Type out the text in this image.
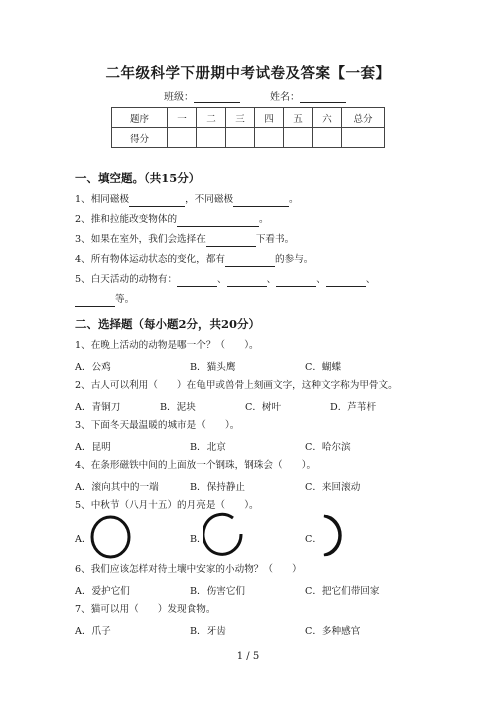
二年级科学下册期中考试卷及答案【一套】
班级：	姓名：
题序	一	二	三	四	五	六	总分
得分							
一、填空题。（共15分）
1、相同磁极	，不同磁极	。
2、推和拉能改变物体的	。
3、如果在室外，我们会选择在	下看书。
4、所有物体运动状态的变化，都有	的参与。
5、白天活动的动物有：	、	、	、	、
等。
二、选择题（每小题2分，共20分）
1、在晚上活动的动物是哪一个？（　　）。
A．公鸡	B．猫头鹰	C．蝴蝶
2、古人可以利用（　　）在龟甲或兽骨上刻画文字，这种文字称为甲骨文。
A．青铜刀	B．泥块	C．树叶	D．芦苇杆
3、下面冬天最温暖的城市是（　　）。
A．昆明	B．北京	C．哈尔滨
4、在条形磁铁中间的上面放一个钢珠，钢珠会（　　）。
A．滚向其中的一端	B．保持静止	C．来回滚动
5、中秋节（八月十五）的月亮是（　　）。
A．	B．	C．
6、我们应该怎样对待土壤中安家的小动物？（　　）
A．爱护它们	B．伤害它们	C．把它们带回家
7、猫可以用（　　）发现食物。
A．爪子	B．牙齿	C．多种感官
1 / 5
